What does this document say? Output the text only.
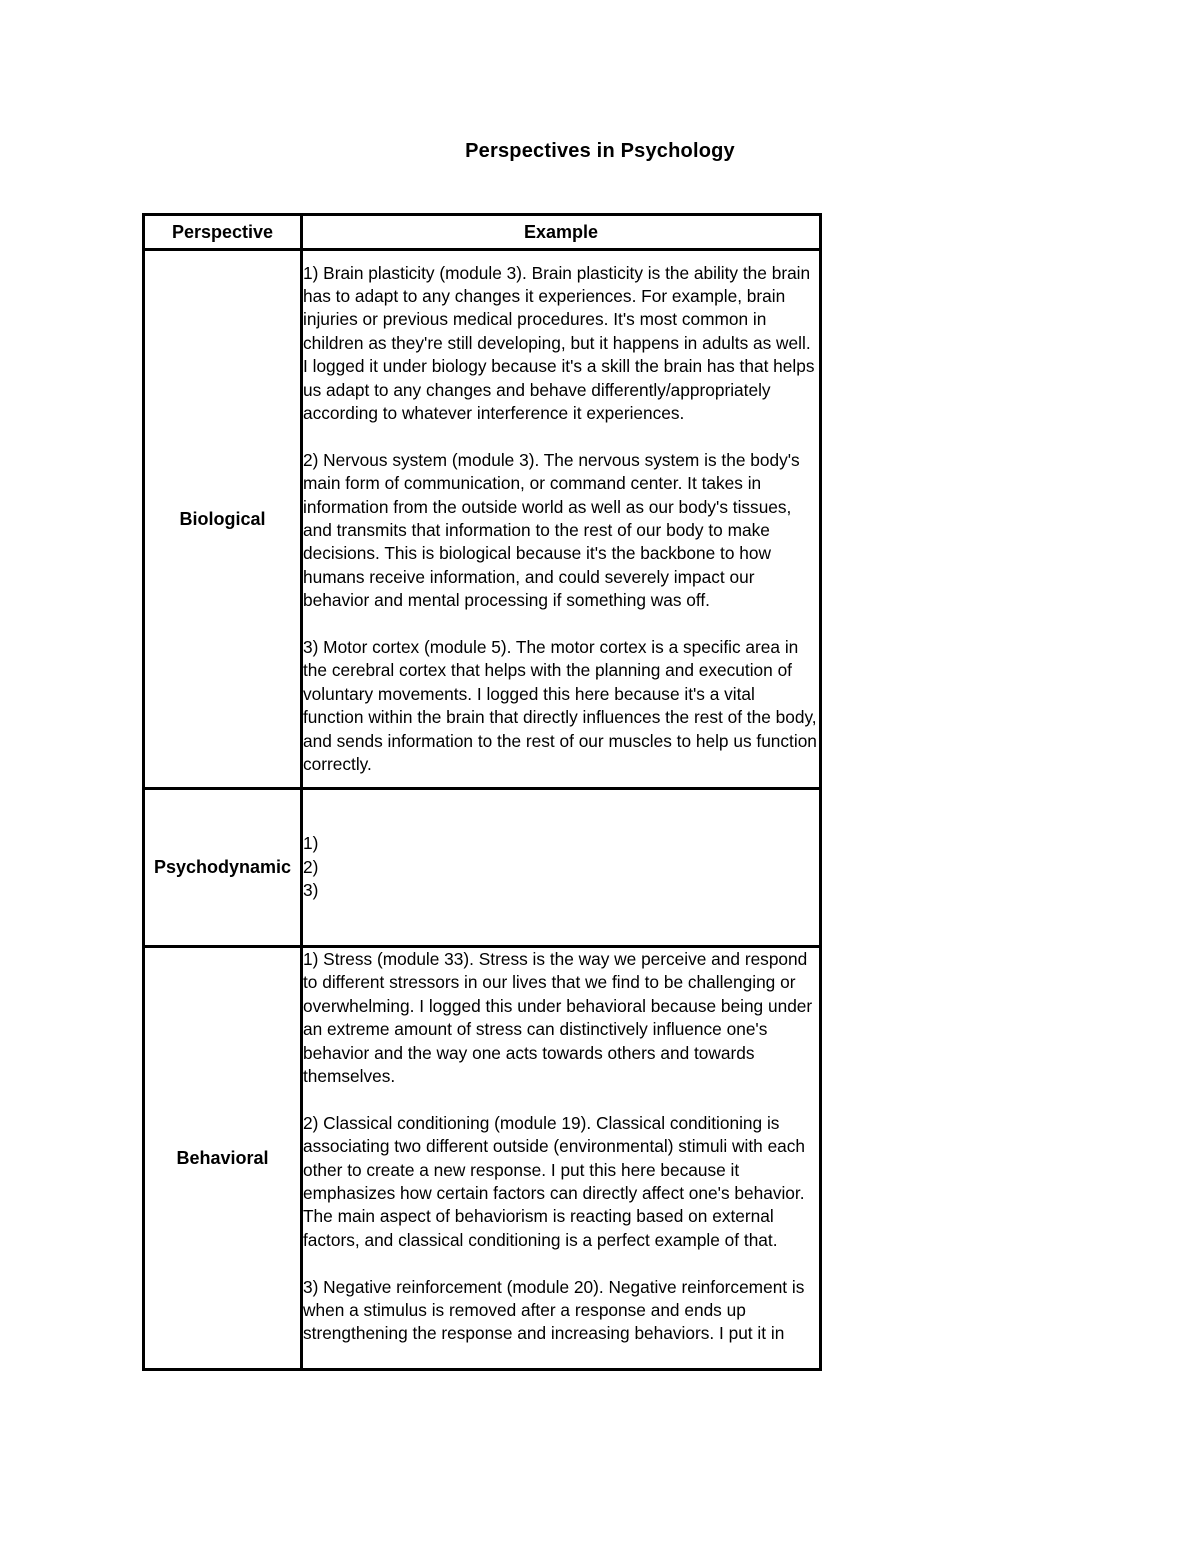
Perspectives in Psychology
Perspective	Example
Biological	1) Brain plasticity (module 3). Brain plasticity is the ability the brain has to adapt to any changes it experiences. For example, brain injuries or previous medical procedures. It's most common in children as they're still developing, but it happens in adults as well. I logged it under biology because it's a skill the brain has that helps us adapt to any changes and behave differently/appropriately according to whatever interference it experiences.

2) Nervous system (module 3). The nervous system is the body's main form of communication, or command center. It takes in information from the outside world as well as our body's tissues, and transmits that information to the rest of our body to make decisions. This is biological because it's the backbone to how humans receive information, and could severely impact our behavior and mental processing if something was off.

3) Motor cortex (module 5). The motor cortex is a specific area in the cerebral cortex that helps with the planning and execution of voluntary movements. I logged this here because it's a vital function within the brain that directly influences the rest of the body, and sends information to the rest of our muscles to help us function correctly.

Psychodynamic	1)
2)
3)

Behavioral	1) Stress (module 33). Stress is the way we perceive and respond to different stressors in our lives that we find to be challenging or overwhelming. I logged this under behavioral because being under an extreme amount of stress can distinctively influence one's behavior and the way one acts towards others and towards themselves.

2) Classical conditioning (module 19). Classical conditioning is associating two different outside (environmental) stimuli with each other to create a new response. I put this here because it emphasizes how certain factors can directly affect one's behavior. The main aspect of behaviorism is reacting based on external factors, and classical conditioning is a perfect example of that.

3) Negative reinforcement (module 20). Negative reinforcement is when a stimulus is removed after a response and ends up strengthening the response and increasing behaviors. I put it in
